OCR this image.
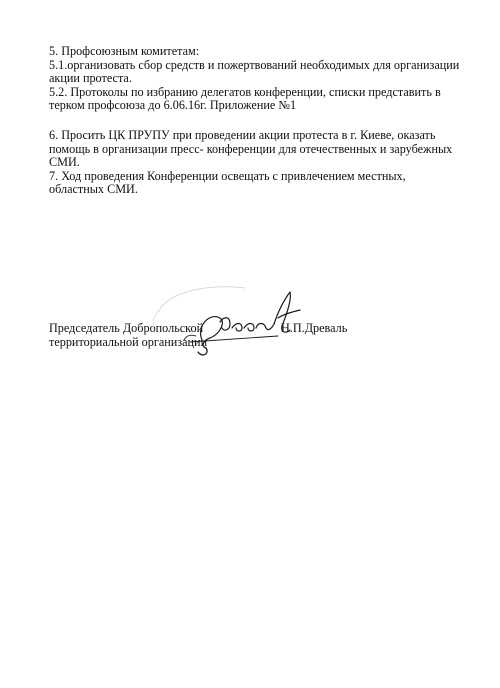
5. Профсоюзным комитетам:

5.1.организовать сбор средств и пожертвований необходимых для организации

акции протеста.

5.2. Протоколы по избранию делегатов конференции, списки представить в

терком профсоюза до 6.06.16г. Приложение №1

6. Просить ЦК ПРУПУ при проведении акции протеста в г. Киеве, оказать

помощь в организации пресс- конференции для отечественных и зарубежных

СМИ.

7. Ход проведения Конференции освещать с привлечением местных,

областных СМИ.

Председатель Добропольской

территориальной организации

Н.П.Древаль
